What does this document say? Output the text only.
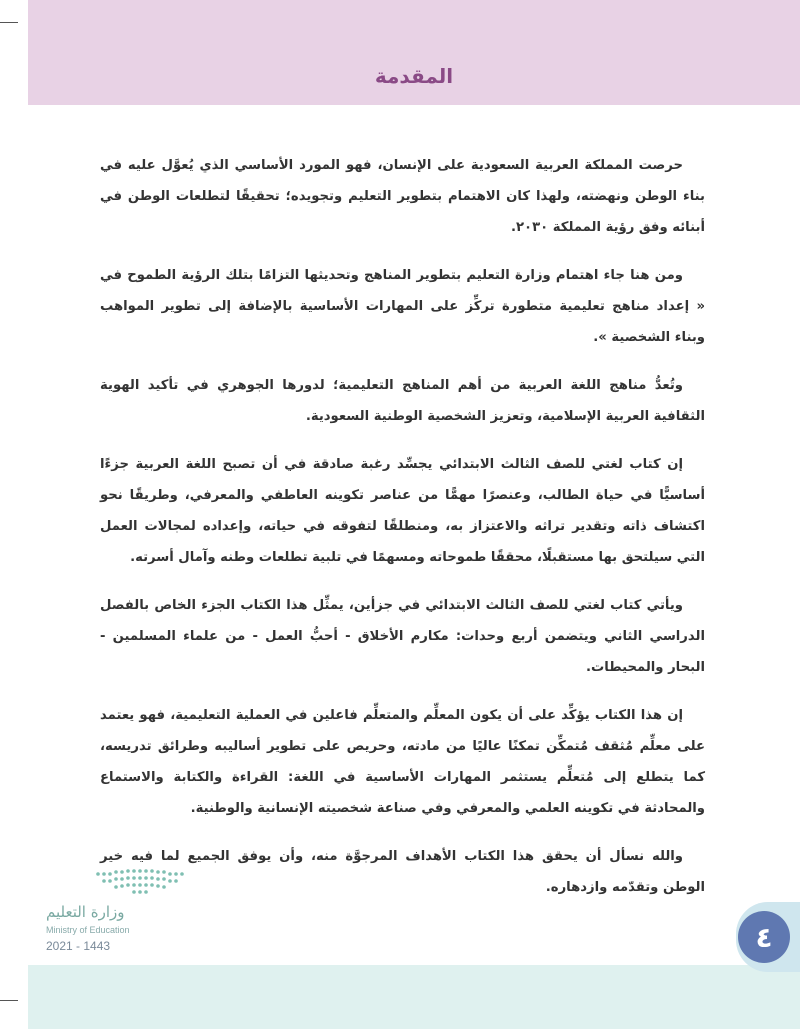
المقدمة

حرصت المملكة العربية السعودية على الإنسان، فهو المورد الأساسي الذي يُعوَّل عليه في بناء الوطن ونهضته، ولهذا كان الاهتمام بتطوير التعليم وتجويده؛ تحقيقًا لتطلعات الوطن في أبنائه وفق رؤية المملكة ٢٠٣٠.

ومن هنا جاء اهتمام وزارة التعليم بتطوير المناهج وتحديثها التزامًا بتلك الرؤية الطموح في « إعداد مناهج تعليمية متطورة تركِّز على المهارات الأساسية بالإضافة إلى تطوير المواهب وبناء الشخصية ».

وتُعدُّ مناهج اللغة العربية من أهم المناهج التعليمية؛ لدورها الجوهري في تأكيد الهوية الثقافية العربية الإسلامية، وتعزيز الشخصية الوطنية السعودية.

إن كتاب لغتي للصف الثالث الابتدائي يجسِّد رغبة صادقة في أن تصبح اللغة العربية جزءًا أساسيًّا في حياة الطالب، وعنصرًا مهمًّا من عناصر تكوينه العاطفي والمعرفي، وطريقًا نحو اكتشاف ذاته وتقدير تراثه والاعتزاز به، ومنطلقًا لتفوقه في حياته، وإعداده لمجالات العمل التي سيلتحق بها مستقبلًا، محققًا طموحاته ومسهمًا في تلبية تطلعات وطنه وآمال أسرته.

ويأتي كتاب لغتي للصف الثالث الابتدائي في جزأين، يمثِّل هذا الكتاب الجزء الخاص بالفصل الدراسي الثاني ويتضمن أربع وحدات: مكارم الأخلاق - أحبُّ العمل - من علماء المسلمين - البحار والمحيطات.

إن هذا الكتاب يؤكِّد على أن يكون المعلِّم والمتعلِّم فاعلين في العملية التعليمية، فهو يعتمد على معلِّم مُثقف مُتمكِّن تمكنًا عاليًا من مادته، وحريص على تطوير أساليبه وطرائق تدريسه، كما يتطلع إلى مُتعلِّم يستثمر المهارات الأساسية في اللغة: القراءة والكتابة والاستماع والمحادثة في تكوينه العلمي والمعرفي وفي صناعة شخصيته الإنسانية والوطنية.

والله نسأل أن يحقق هذا الكتاب الأهداف المرجوَّة منه، وأن يوفق الجميع لما فيه خير الوطن وتقدّمه وازدهاره.

وزارة التعليم
Ministry of Education
2021 - 1443	٤
